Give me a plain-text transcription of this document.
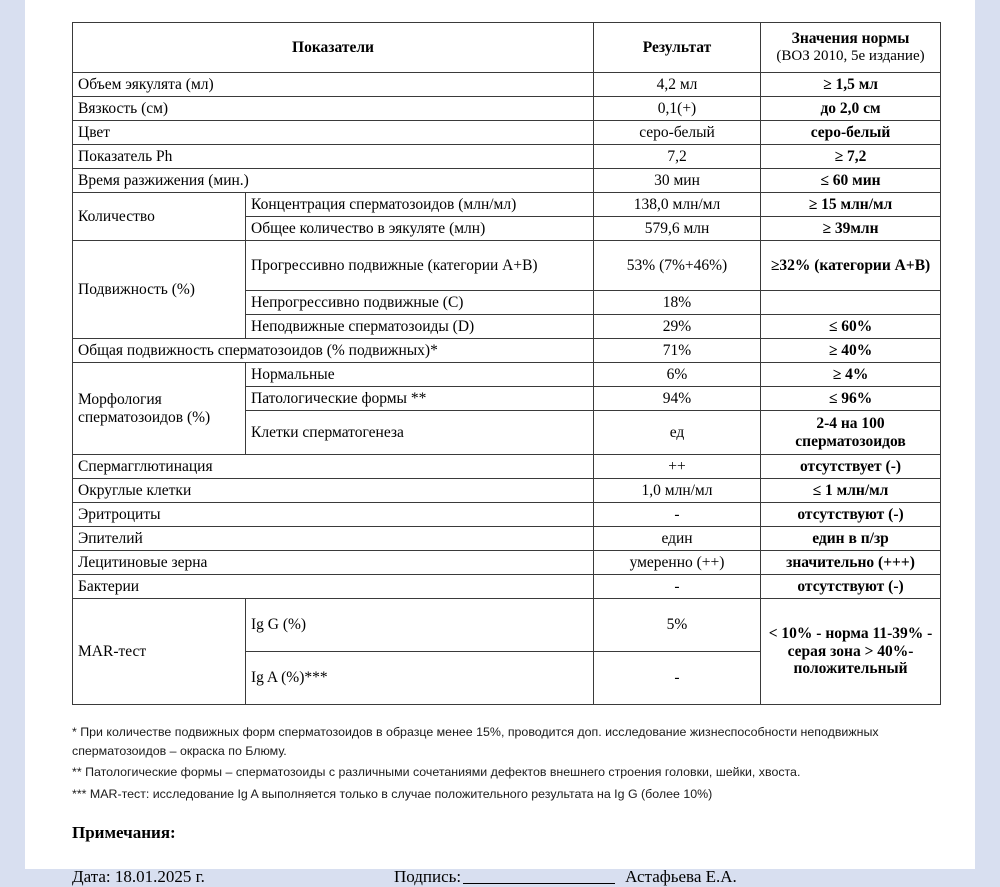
Показатели		Результат	Значения нормы
(ВОЗ 2010, 5е издание)

Объем эякулята (мл)		4,2 мл	≥ 1,5 мл
Вязкость (см)		0,1(+)	до 2,0 см
Цвет		серо-белый	серо-белый
Показатель Ph		7,2	≥ 7,2
Время разжижения (мин.)		30 мин	≤ 60 мин
Количество	Концентрация сперматозоидов (млн/мл)	138,0 млн/мл	≥ 15 млн/мл
	Общее количество в эякуляте (млн)	579,6 млн	≥ 39млн
Подвижность (%)	Прогрессивно подвижные (категории А+В)	53% (7%+46%)	≥32% (категории А+В)
	Непрогрессивно подвижные (С)	18%	
	Неподвижные сперматозоиды (D)	29%	≤ 60%
Общая подвижность сперматозоидов (% подвижных)*		71%	≥ 40%
Морфология сперматозоидов (%)	Нормальные	6%	≥ 4%
	Патологические формы **	94%	≤ 96%
	Клетки сперматогенеза	ед	2-4 на 100 сперматозоидов
Спермагглютинация		++	отсутствует (-)
Округлые клетки		1,0 млн/мл	≤ 1 млн/мл
Эритроциты		-	отсутствуют (-)
Эпителий		един	един в п/зр
Лецитиновые зерна		умеренно (++)	значительно (+++)
Бактерии		-	отсутствуют (-)
MAR-тест	Ig G (%)	5%	< 10% - норма 11-39% - серая зона > 40%-положительный
	Ig A (%)***	-	

* При количестве подвижных форм сперматозоидов в образце менее 15%, проводится доп. исследование жизнеспособности неподвижных сперматозоидов – окраска по Блюму.

** Патологические формы – сперматозоиды с различными сочетаниями дефектов внешнего строения головки, шейки, хвоста.

*** MAR-тест: исследование Ig A выполняется только в случае положительного результата на Ig G (более 10%)

Примечания:
Дата: 18.01.2025 г.	Подпись:	Астафьева Е.А.
